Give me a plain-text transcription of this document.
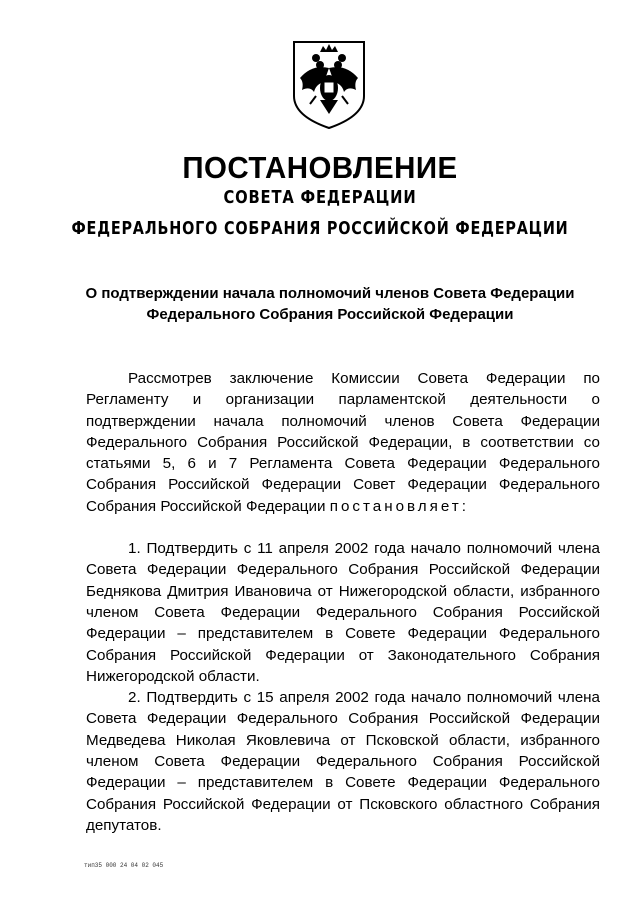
ПОСТАНОВЛЕНИЕ
СОВЕТА ФЕДЕРАЦИИ
ФЕДЕРАЛЬНОГО СОБРАНИЯ РОССИЙСКОЙ ФЕДЕРАЦИИ
О подтверждении начала полномочий членов Совета Федерации
Федерального Собрания Российской Федерации

Рассмотрев заключение Комиссии Совета Федерации по Регламенту и организации парламентской деятельности о подтверждении начала полномочий членов Совета Федерации Федерального Собрания Российской Федерации, в соответствии со статьями 5, 6 и 7 Регламента Совета Федерации Федерального Собрания Российской Федерации Совет Федерации Федерального Собрания Российской Федерации постановляет:

1. Подтвердить с 11 апреля 2002 года начало полномочий члена Совета Федерации Федерального Собрания Российской Федерации Беднякова Дмитрия Ивановича от Нижегородской области, избранного членом Совета Федерации Федерального Собрания Российской Федерации – представителем в Совете Федерации Федерального Собрания Российской Федерации от Законодательного Собрания Нижегородской области.

2. Подтвердить с 15 апреля 2002 года начало полномочий члена Совета Федерации Федерального Собрания Российской Федерации Медведева Николая Яковлевича от Псковской области, избранного членом Совета Федерации Федерального Собрания Российской Федерации – представителем в Совете Федерации Федерального Собрания Российской Федерации от Псковского областного Собрания депутатов.

тип35 000 24 04 02 045
